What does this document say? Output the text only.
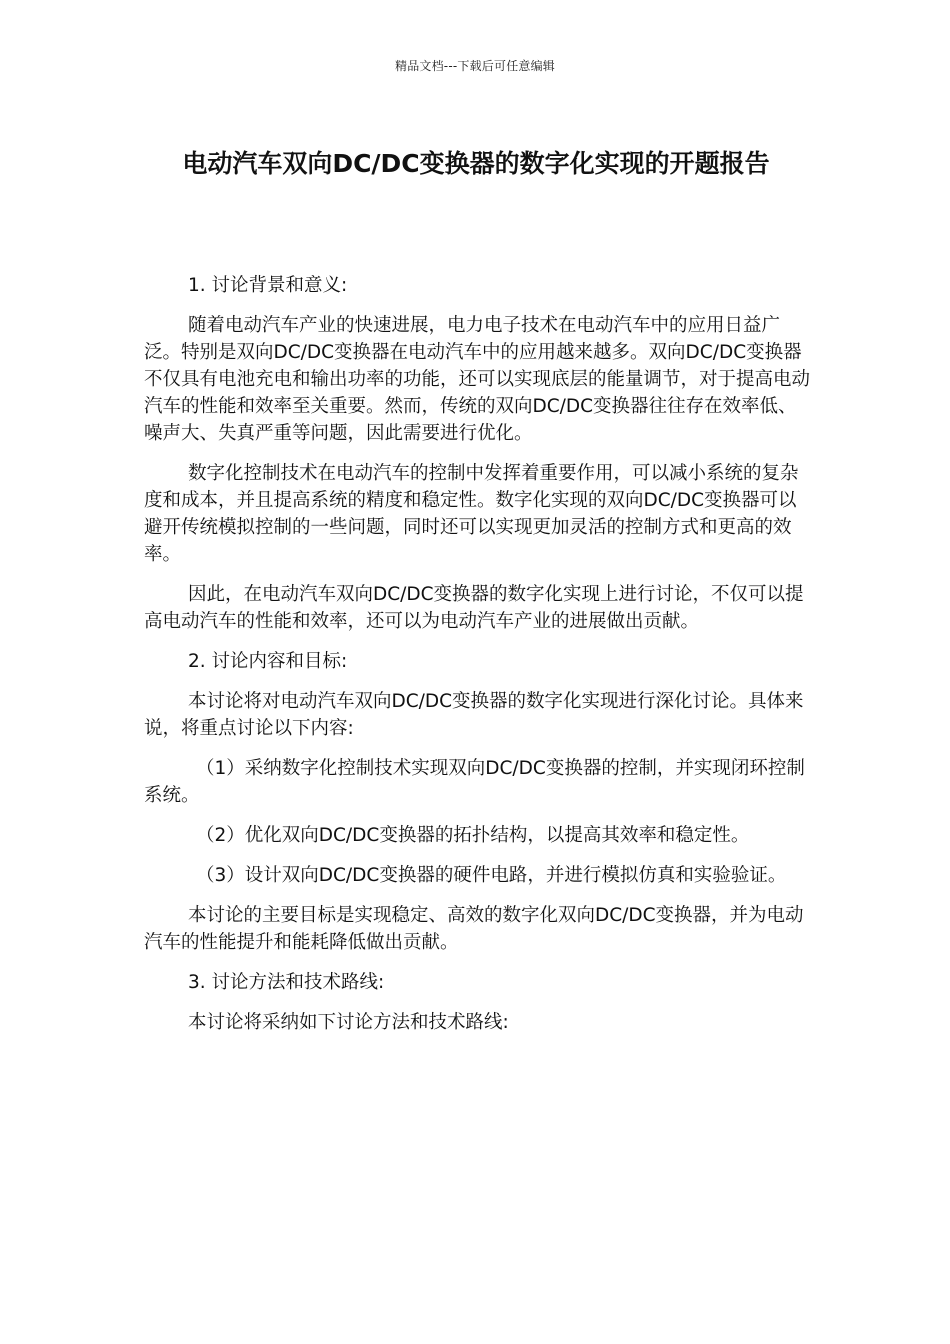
精品文档---下载后可任意编辑
电动汽车双向DC/DC变换器的数字化实现的开题报告

1. 讨论背景和意义:

随着电动汽车产业的快速进展，电力电子技术在电动汽车中的应用日益广泛。特别是双向DC/DC变换器在电动汽车中的应用越来越多。双向DC/DC变换器不仅具有电池充电和输出功率的功能，还可以实现底层的能量调节，对于提高电动汽车的性能和效率至关重要。然而，传统的双向DC/DC变换器往往存在效率低、噪声大、失真严重等问题，因此需要进行优化。

数字化控制技术在电动汽车的控制中发挥着重要作用，可以减小系统的复杂度和成本，并且提高系统的精度和稳定性。数字化实现的双向DC/DC变换器可以避开传统模拟控制的一些问题，同时还可以实现更加灵活的控制方式和更高的效率。

因此，在电动汽车双向DC/DC变换器的数字化实现上进行讨论，不仅可以提高电动汽车的性能和效率，还可以为电动汽车产业的进展做出贡献。

2. 讨论内容和目标:

本讨论将对电动汽车双向DC/DC变换器的数字化实现进行深化讨论。具体来说，将重点讨论以下内容:

（1）采纳数字化控制技术实现双向DC/DC变换器的控制，并实现闭环控制系统。

（2）优化双向DC/DC变换器的拓扑结构，以提高其效率和稳定性。

（3）设计双向DC/DC变换器的硬件电路，并进行模拟仿真和实验验证。

本讨论的主要目标是实现稳定、高效的数字化双向DC/DC变换器，并为电动汽车的性能提升和能耗降低做出贡献。

3. 讨论方法和技术路线:

本讨论将采纳如下讨论方法和技术路线:
